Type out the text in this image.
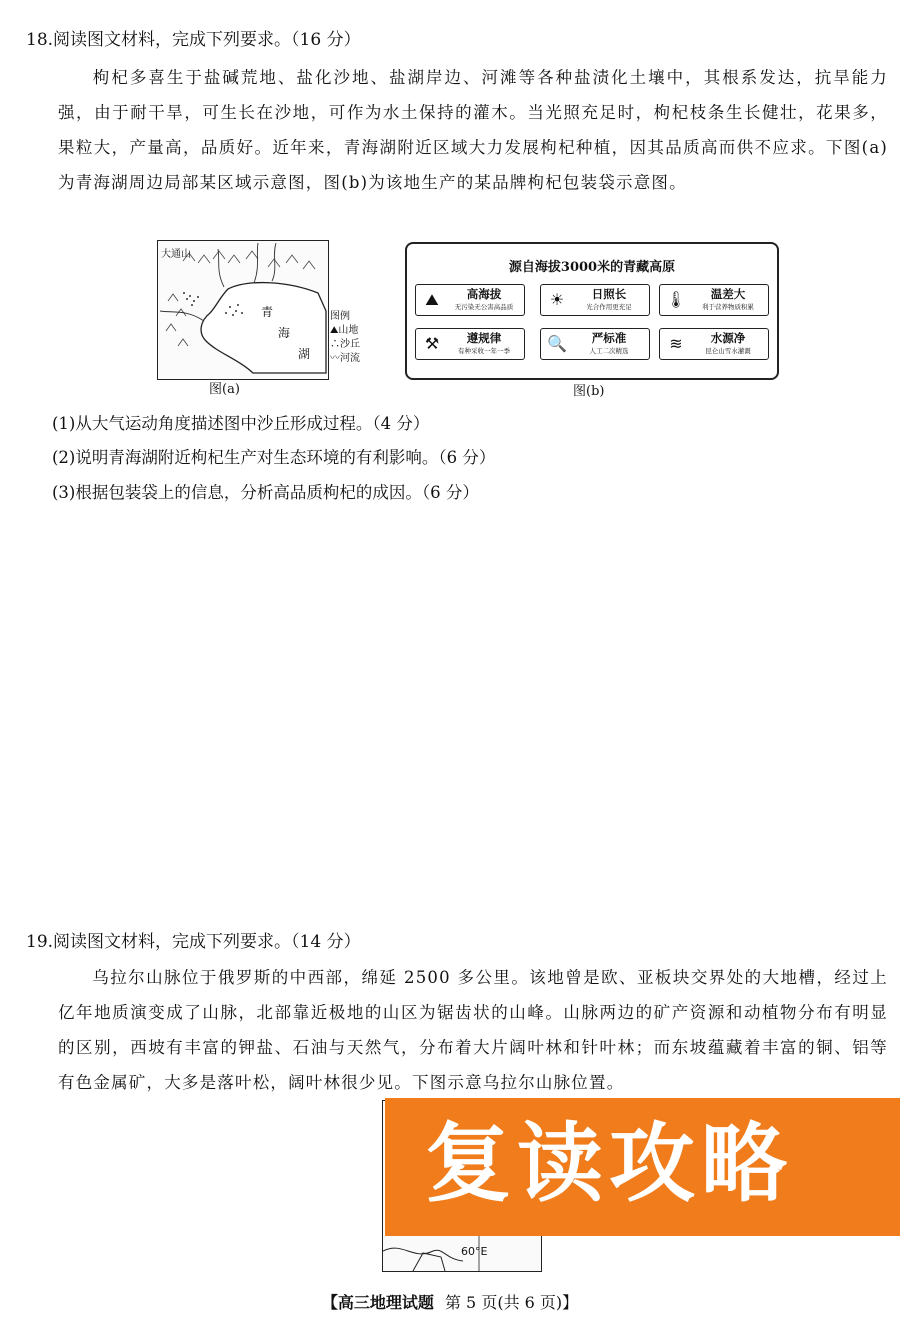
18.阅读图文材料，完成下列要求。（16 分）
枸杞多喜生于盐碱荒地、盐化沙地、盐湖岸边、河滩等各种盐渍化土壤中，其根系发达，抗旱能力强，由于耐干旱，可生长在沙地，可作为水土保持的灌木。当光照充足时，枸杞枝条生长健壮，花果多，果粒大，产量高，品质好。近年来，青海湖附近区域大力发展枸杞种植，因其品质高而供不应求。下图(a)为青海湖周边局部某区域示意图，图(b)为该地生产的某品牌枸杞包装袋示意图。
大通山
青
海
湖
图例
⛰山地
∴沙丘
〰河流
图(a)
源自海拔3000米的青藏高原
⛰	高海拔
无污染无公害高品质	☀	日照长
光合作用更充足	🌡	温差大
利于营养物质积累
⚒	遵规律
有种采收一年一季	🔍	严标准
人工二次精选	≋	水源净
昆仑山雪水灌溉
图(b)
(1)从大气运动角度描述图中沙丘形成过程。（4 分）
(2)说明青海湖附近枸杞生产对生态环境的有利影响。（6 分）
(3)根据包装袋上的信息，分析高品质枸杞的成因。（6 分）
19.阅读图文材料，完成下列要求。（14 分）
乌拉尔山脉位于俄罗斯的中西部，绵延 2500 多公里。该地曾是欧、亚板块交界处的大地槽，经过上亿年地质演变成了山脉，北部靠近极地的山区为锯齿状的山峰。山脉两边的矿产资源和动植物分布有明显的区别，西坡有丰富的钾盐、石油与天然气，分布着大片阔叶林和针叶林；而东坡蕴藏着丰富的铜、铝等有色金属矿，大多是落叶松，阔叶林很少见。下图示意乌拉尔山脉位置。
60°E
复读攻略
【高三地理试题 第 5 页(共 6 页)】
